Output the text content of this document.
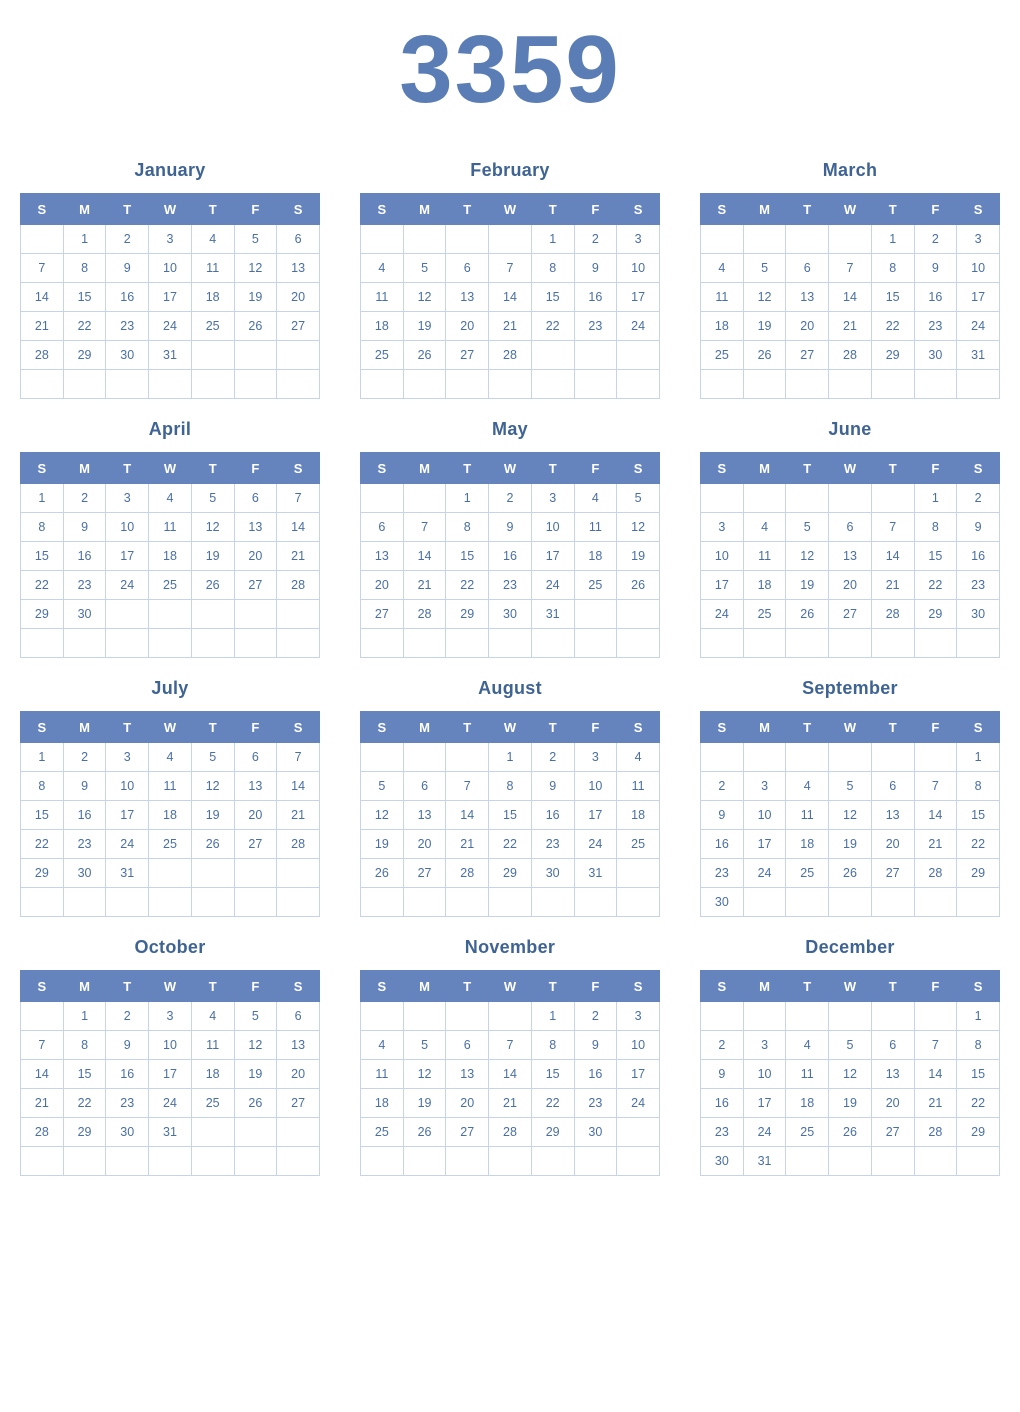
3359
January
S	M	T	W	T	F	S
	1	2	3	4	5	6
7	8	9	10	11	12	13
14	15	16	17	18	19	20
21	22	23	24	25	26	27
28	29	30	31			

February
S	M	T	W	T	F	S
				1	2	3
4	5	6	7	8	9	10
11	12	13	14	15	16	17
18	19	20	21	22	23	24
25	26	27	28			

March
S	M	T	W	T	F	S
				1	2	3
4	5	6	7	8	9	10
11	12	13	14	15	16	17
18	19	20	21	22	23	24
25	26	27	28	29	30	31

April
S	M	T	W	T	F	S
1	2	3	4	5	6	7
8	9	10	11	12	13	14
15	16	17	18	19	20	21
22	23	24	25	26	27	28
29	30					

May
S	M	T	W	T	F	S
		1	2	3	4	5
6	7	8	9	10	11	12
13	14	15	16	17	18	19
20	21	22	23	24	25	26
27	28	29	30	31		

June
S	M	T	W	T	F	S
					1	2
3	4	5	6	7	8	9
10	11	12	13	14	15	16
17	18	19	20	21	22	23
24	25	26	27	28	29	30

July
S	M	T	W	T	F	S
1	2	3	4	5	6	7
8	9	10	11	12	13	14
15	16	17	18	19	20	21
22	23	24	25	26	27	28
29	30	31				

August
S	M	T	W	T	F	S
			1	2	3	4
5	6	7	8	9	10	11
12	13	14	15	16	17	18
19	20	21	22	23	24	25
26	27	28	29	30	31	

September
S	M	T	W	T	F	S
						1
2	3	4	5	6	7	8
9	10	11	12	13	14	15
16	17	18	19	20	21	22
23	24	25	26	27	28	29
30						
October
S	M	T	W	T	F	S
	1	2	3	4	5	6
7	8	9	10	11	12	13
14	15	16	17	18	19	20
21	22	23	24	25	26	27
28	29	30	31			

November
S	M	T	W	T	F	S
				1	2	3
4	5	6	7	8	9	10
11	12	13	14	15	16	17
18	19	20	21	22	23	24
25	26	27	28	29	30	

December
S	M	T	W	T	F	S
						1
2	3	4	5	6	7	8
9	10	11	12	13	14	15
16	17	18	19	20	21	22
23	24	25	26	27	28	29
30	31					
